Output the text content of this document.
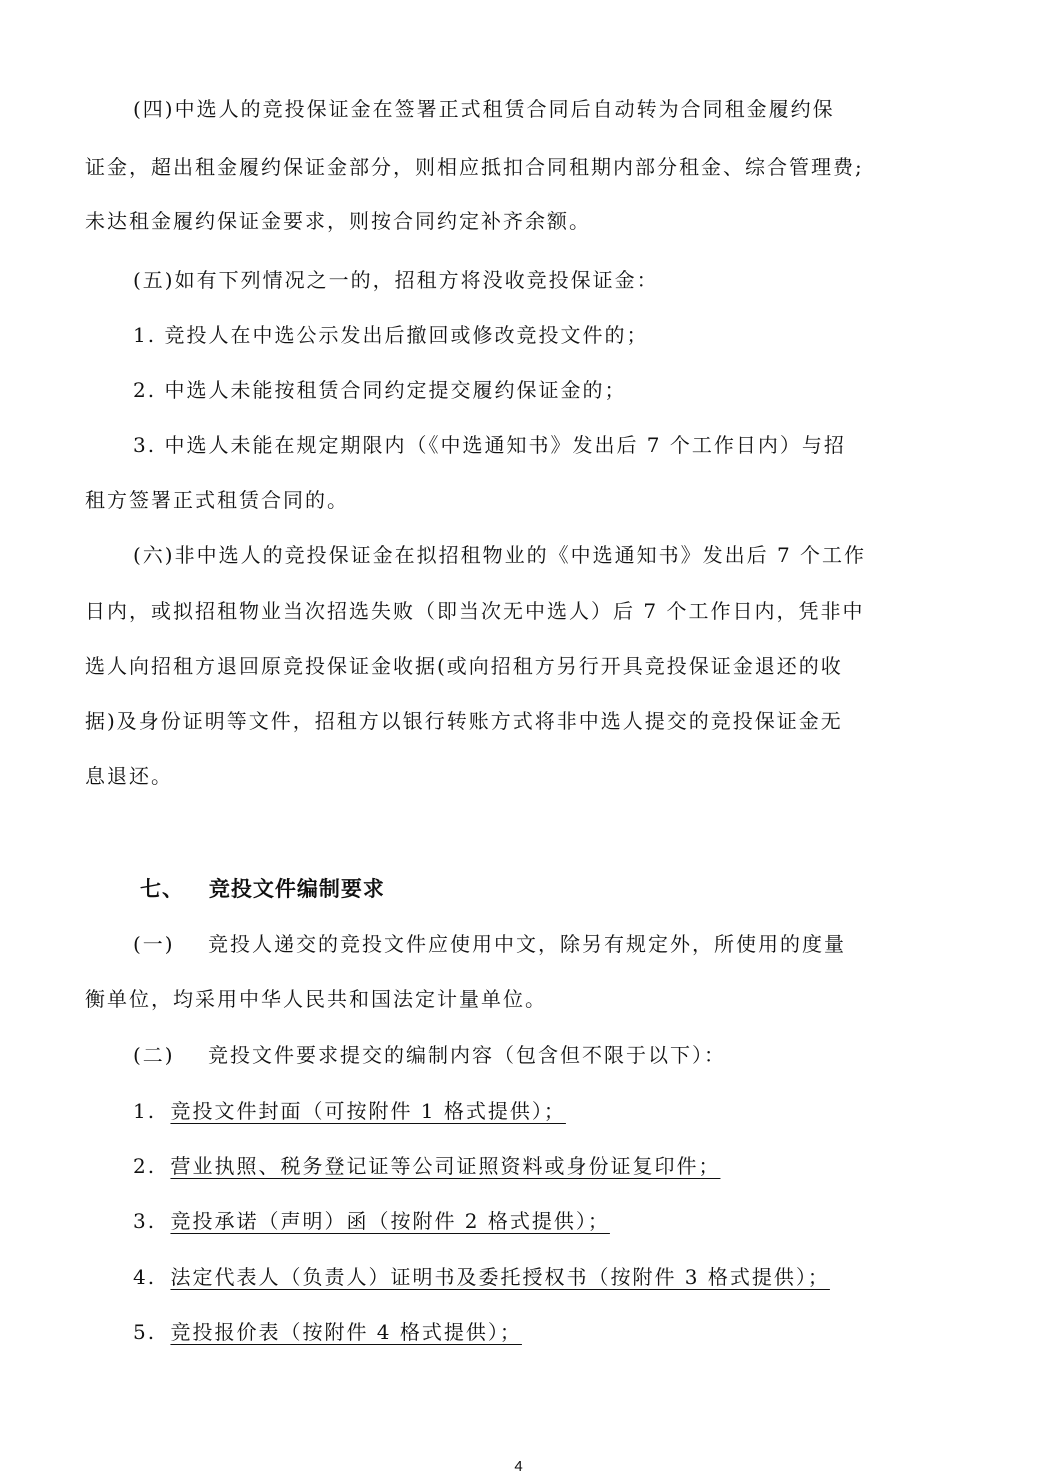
(四)中选人的竞投保证金在签署正式租赁合同后自动转为合同租金履约保
证金，超出租金履约保证金部分，则相应抵扣合同租期内部分租金、综合管理费;
未达租金履约保证金要求，则按合同约定补齐余额。
(五)如有下列情况之一的，招租方将没收竞投保证金：
1. 竞投人在中选公示发出后撤回或修改竞投文件的；
2. 中选人未能按租赁合同约定提交履约保证金的；
3. 中选人未能在规定期限内（《中选通知书》发出后 7 个工作日内）与招
租方签署正式租赁合同的。
(六)非中选人的竞投保证金在拟招租物业的《中选通知书》发出后 7 个工作
日内，或拟招租物业当次招选失败（即当次无中选人）后 7 个工作日内，凭非中
选人向招租方退回原竞投保证金收据(或向招租方另行开具竞投保证金退还的收
据)及身份证明等文件，招租方以银行转账方式将非中选人提交的竞投保证金无
息退还。
七、   竞投文件编制要求
(一)    竞投人递交的竞投文件应使用中文，除另有规定外，所使用的度量
衡单位，均采用中华人民共和国法定计量单位。
(二)    竞投文件要求提交的编制内容（包含但不限于以下）：
1. 竞投文件封面（可按附件 1 格式提供）；
2. 营业执照、税务登记证等公司证照资料或身份证复印件；
3. 竞投承诺（声明）函（按附件 2 格式提供）；
4. 法定代表人（负责人）证明书及委托授权书（按附件 3 格式提供）；
5. 竞投报价表（按附件 4 格式提供）；
4
